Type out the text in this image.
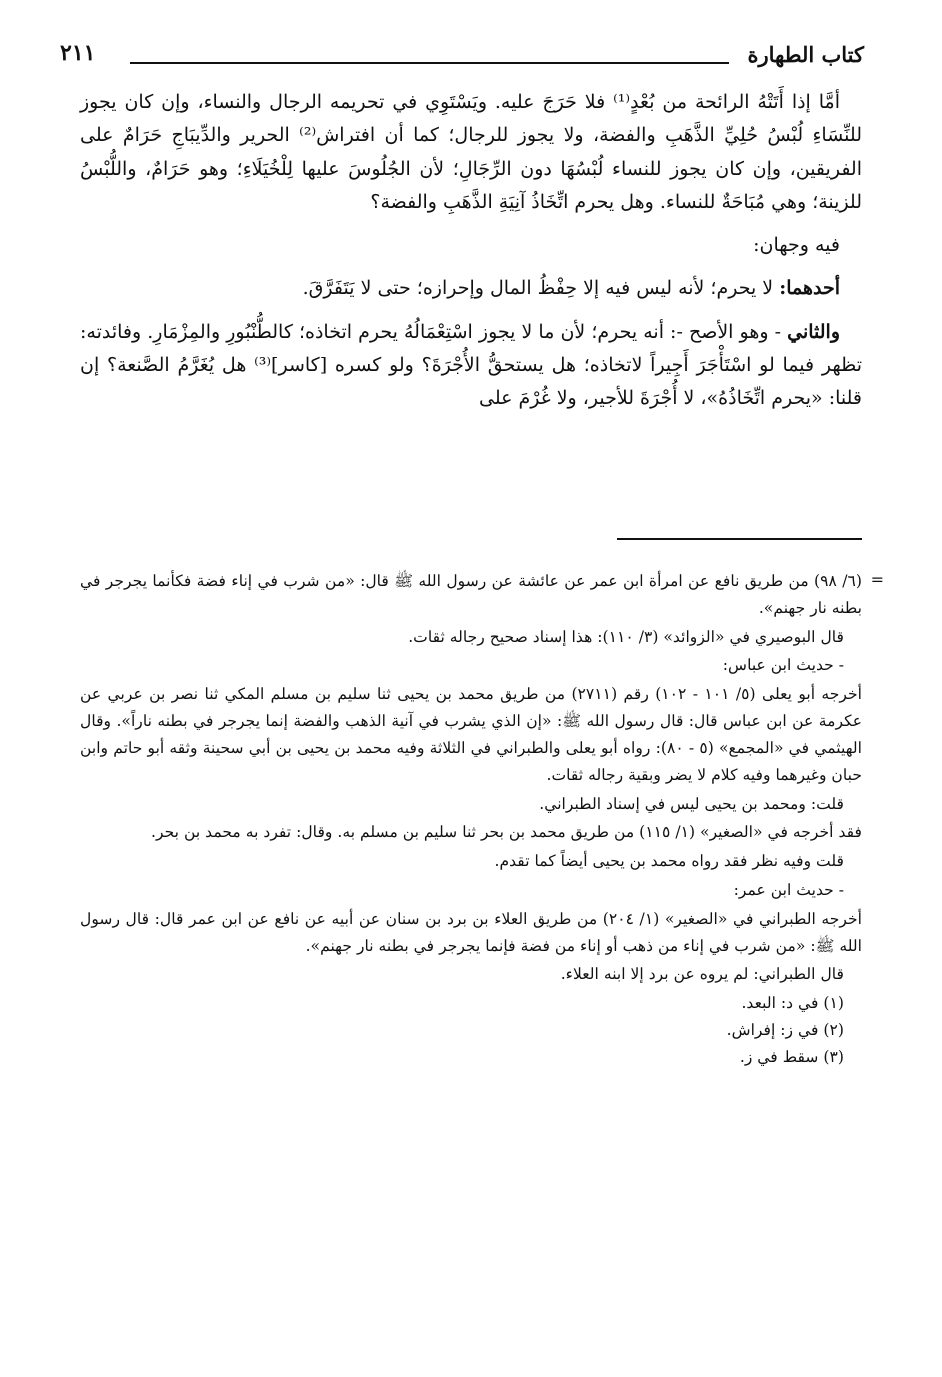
كتاب الطهارة
٢١١

أمَّا إذا أَتَتْهُ الرائحة من بُعْدٍ⁽¹⁾ فلا حَرَجَ عليه. ويَسْتَوِي في تحريمه الرجال والنساء، وإن كان يجوز للنِّسَاءِ لُبْسُ حُلِيِّ الذَّهَبِ والفضة، ولا يجوز للرجال؛ كما أن افتراش⁽²⁾ الحرير والدِّيبَاجِ حَرَامٌ على الفريقين، وإن كان يجوز للنساء لُبْسُهَا دون الرِّجَالِ؛ لأن الجُلُوسَ عليها لِلْخُيَلَاءِ؛ وهو حَرَامٌ، واللُّبْسُ للزينة؛ وهي مُبَاحَةٌ للنساء. وهل يحرم اتِّخَاذُ آنِيَةِ الذَّهَبِ والفضة؟

فيه وجهان:

أحدهما: لا يحرم؛ لأنه ليس فيه إلا حِفْظُ المال وإحرازه؛ حتى لا يَتَفَرَّقَ.

والثاني - وهو الأصح -: أنه يحرم؛ لأن ما لا يجوز اسْتِعْمَالُهُ يحرم اتخاذه؛ كالطُّنْبُورِ والمِزْمَارِ. وفائدته: تظهر فيما لو اسْتَأْجَرَ أَجِيراً لاتخاذه؛ هل يستحقُّ الأُجْرَةَ؟ ولو كسره [كاسر]⁽³⁾ هل يُغَرَّمُ الصَّنعة؟ إن قلنا: «يحرم اتِّخَاذُهُ»، لا أُجْرَةَ للأجير، ولا غُرْمَ على

=

(٦/ ٩٨) من طريق نافع عن امرأة ابن عمر عن عائشة عن رسول الله ﷺ قال: «من شرب في إناء فضة فكأنما يجرجر في بطنه نار جهنم».

قال البوصيري في «الزوائد» (٣/ ١١٠): هذا إسناد صحيح رجاله ثقات.

- حديث ابن عباس:

أخرجه أبو يعلى (٥/ ١٠١ - ١٠٢) رقم (٢٧١١) من طريق محمد بن يحيى ثنا سليم بن مسلم المكي ثنا نصر بن عربي عن عكرمة عن ابن عباس قال: قال رسول الله ﷺ: «إن الذي يشرب في آنية الذهب والفضة إنما يجرجر في بطنه ناراً». وقال الهيثمي في «المجمع» (٥ - ٨٠): رواه أبو يعلى والطبراني في الثلاثة وفيه محمد بن يحيى بن أبي سحينة وثقه أبو حاتم وابن حبان وغيرهما وفيه كلام لا يضر وبقية رجاله ثقات.

قلت: ومحمد بن يحيى ليس في إسناد الطبراني.

فقد أخرجه في «الصغير» (١/ ١١٥) من طريق محمد بن بحر ثنا سليم بن مسلم به. وقال: تفرد به محمد بن بحر.

قلت وفيه نظر فقد رواه محمد بن يحيى أيضاً كما تقدم.

- حديث ابن عمر:

أخرجه الطبراني في «الصغير» (١/ ٢٠٤) من طريق العلاء بن برد بن سنان عن أبيه عن نافع عن ابن عمر قال: قال رسول الله ﷺ: «من شرب في إناء من ذهب أو إناء من فضة فإنما يجرجر في بطنه نار جهنم».

قال الطبراني: لم يروه عن برد إلا ابنه العلاء.

(١) في د: البعد.

(٢) في ز: إفراش.

(٣) سقط في ز.
